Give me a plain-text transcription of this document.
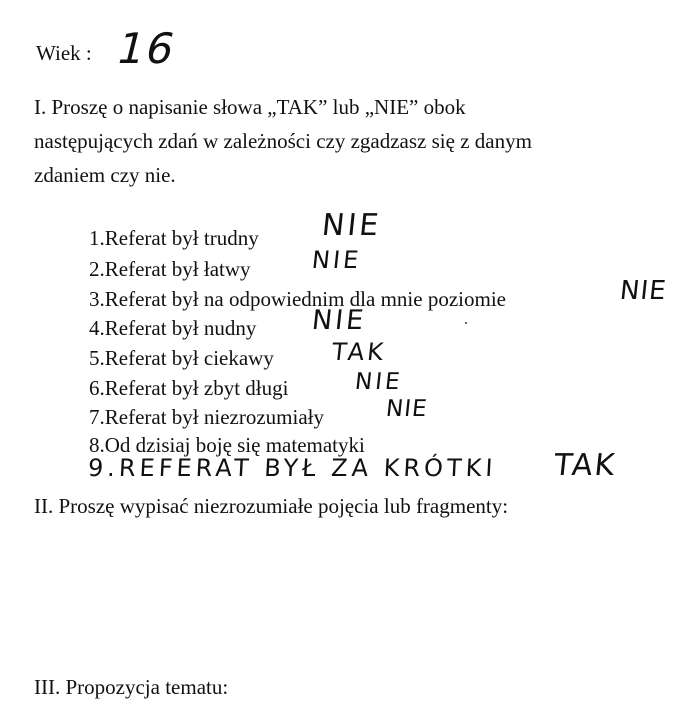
Wiek : 16
I. Proszę o napisanie słowa „TAK” lub „NIE” obok
następujących zdań w zależności czy zgadzasz się z danym
zdaniem czy nie.
1.Referat był trudny NIE
2.Referat był łatwy NIE
3.Referat był na odpowiednim dla mnie poziomie	NIE
4.Referat był nudny NIE
5.Referat był ciekawy TAK
6.Referat był zbyt długi	NIE
7.Referat był niezrozumiały	NIE
8.Od dzisiaj boję się matematyki
9.REFERAT BYŁ ZA KRÓTKI TAK
II. Proszę wypisać niezrozumiałe pojęcia lub fragmenty:
III. Propozycja tematu:
